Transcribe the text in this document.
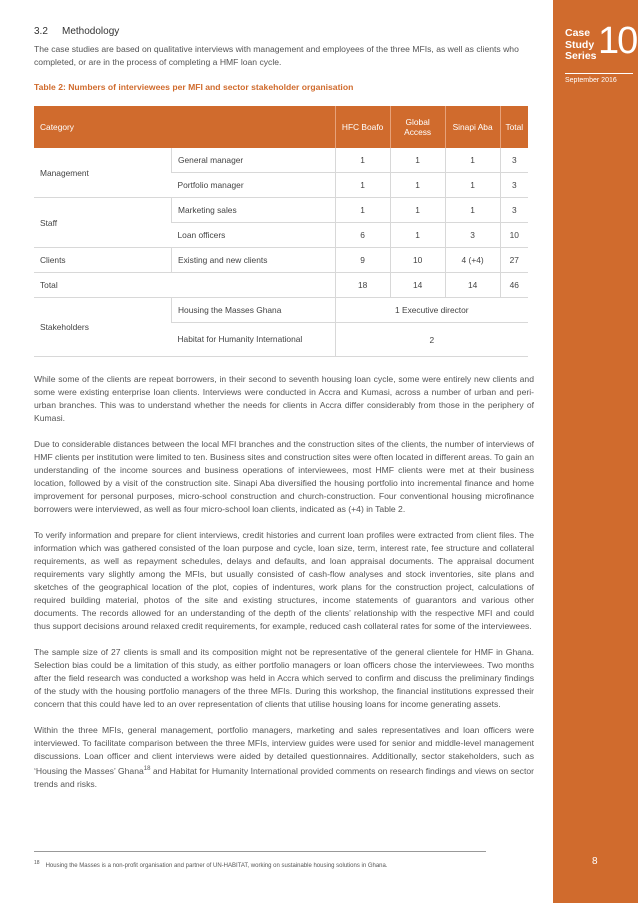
Case
Study
Series 10
September 2016
8
3.2 Methodology

The case studies are based on qualitative interviews with management and employees of the three MFIs, as well as clients who completed, or are in the process of completing a HMF loan cycle.

Table 2: Numbers of interviewees per MFI and sector stakeholder organisation
Category		HFC Boafo	Global Access	Sinapi Aba	Total
Management	General manager	1	1	1	3
	Portfolio manager	1	1	1	3
Staff	Marketing sales	1	1	1	3
	Loan officers	6	1	3	10
Clients	Existing and new clients	9	10	4 (+4)	27
Total		18	14	14	46
Stakeholders	Housing the Masses Ghana	1 Executive director			
	Habitat for Humanity International	2			

While some of the clients are repeat borrowers, in their second to seventh housing loan cycle, some were entirely new clients and some were existing enterprise loan clients. Interviews were conducted in Accra and Kumasi, across a number of urban and peri-urban branches. This was to understand whether the needs for clients in Accra differ considerably from those in the periphery of Kumasi.

Due to considerable distances between the local MFI branches and the construction sites of the clients, the number of interviews of HMF clients per institution were limited to ten. Business sites and construction sites were often located in different areas. To gain an understanding of the income sources and business operations of interviewees, most HMF clients were met at their business location, followed by a visit of the construction site. Sinapi Aba diversified the housing portfolio into incremental finance and home improvement for personal purposes, micro-school construction and church-construction. Four conventional housing microfinance borrowers were interviewed, as well as four micro-school loan clients, indicated as (+4) in Table 2.

To verify information and prepare for client interviews, credit histories and current loan profiles were extracted from client files. The information which was gathered consisted of the loan purpose and cycle, loan size, term, interest rate, fee structure and collateral requirements, as well as repayment schedules, delays and defaults, and loan appraisal documents. The appraisal document requirements vary slightly among the MFIs, but usually consisted of cash-flow analyses and stock inventories, site plans and sketches of the geographical location of the plot, copies of indentures, work plans for the construction project, calculations of required building material, photos of the site and existing structures, income statements of guarantors and various other documents. The records allowed for an understanding of the depth of the clients’ relationship with the respective MFI and could thus support decisions around relaxed credit requirements, for example, reduced cash collateral rates for some of the interviewees.

The sample size of 27 clients is small and its composition might not be representative of the general clientele for HMF in Ghana. Selection bias could be a limitation of this study, as either portfolio managers or loan officers chose the interviewees. Two months after the field research was conducted a workshop was held in Accra which served to confirm and discuss the preliminary findings of the study with the housing portfolio managers of the three MFIs. During this workshop, the financial institutions expressed their concern that this could have led to an over representation of clients that utilise housing loans for income generating assets.

Within the three MFIs, general management, portfolio managers, marketing and sales representatives and loan officers were interviewed. To facilitate comparison between the three MFIs, interview guides were used for senior and middle-level management discussions. Loan officer and client interviews were aided by detailed questionnaires. Additionally, sector stakeholders, such as ‘Housing the Masses’ Ghana$^{18}$ and Habitat for Humanity International provided comments on research findings and views on sector trends and risks.

$^{18}$ Housing the Masses is a non-profit organisation and partner of UN-HABITAT, working on sustainable housing solutions in Ghana.
